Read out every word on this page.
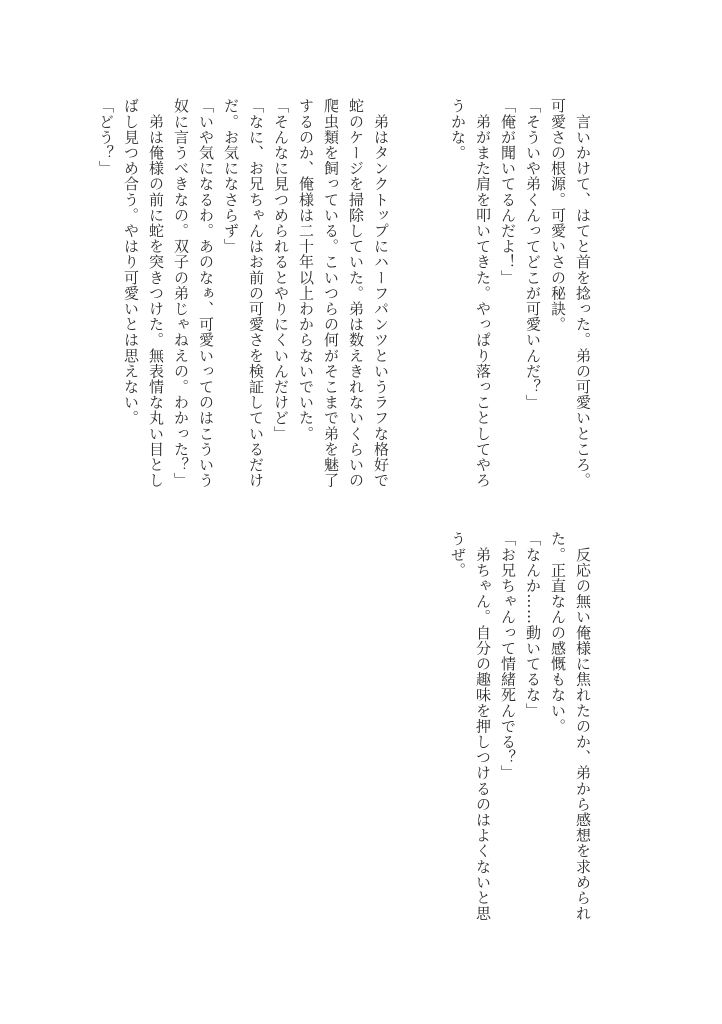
　言いかけて、はてと首を捻った。弟の可愛いところ。
可愛さの根源。可愛いさの秘訣。
「そういや弟くんってどこが可愛いんだ？」
「俺が聞いてるんだよ！」
　弟がまた肩を叩いてきた。やっぱり落っことしてやろ
うかな。
　弟はタンクトップにハーフパンツというラフな格好で
蛇のケージを掃除していた。弟は数えきれないくらいの
爬虫類を飼っている。こいつらの何がそこまで弟を魅了
するのか、俺様は二十年以上わからないでいた。
「そんなに見つめられるとやりにくいんだけど」
「なに、お兄ちゃんはお前の可愛さを検証しているだけ
だ。お気になさらず」
「いや気になるわ。あのなぁ、可愛いってのはこういう
奴に言うべきなの。双子の弟じゃねえの。わかった？」
　弟は俺様の前に蛇を突きつけた。無表情な丸い目とし
ばし見つめ合う。やはり可愛いとは思えない。
「どう？」
　反応の無い俺様に焦れたのか、弟から感想を求められ
た。正直なんの感慨もない。
「なんか……動いてるな」
「お兄ちゃんって情緒死んでる？」
　弟ちゃん。自分の趣味を押しつけるのはよくないと思
うぜ。
